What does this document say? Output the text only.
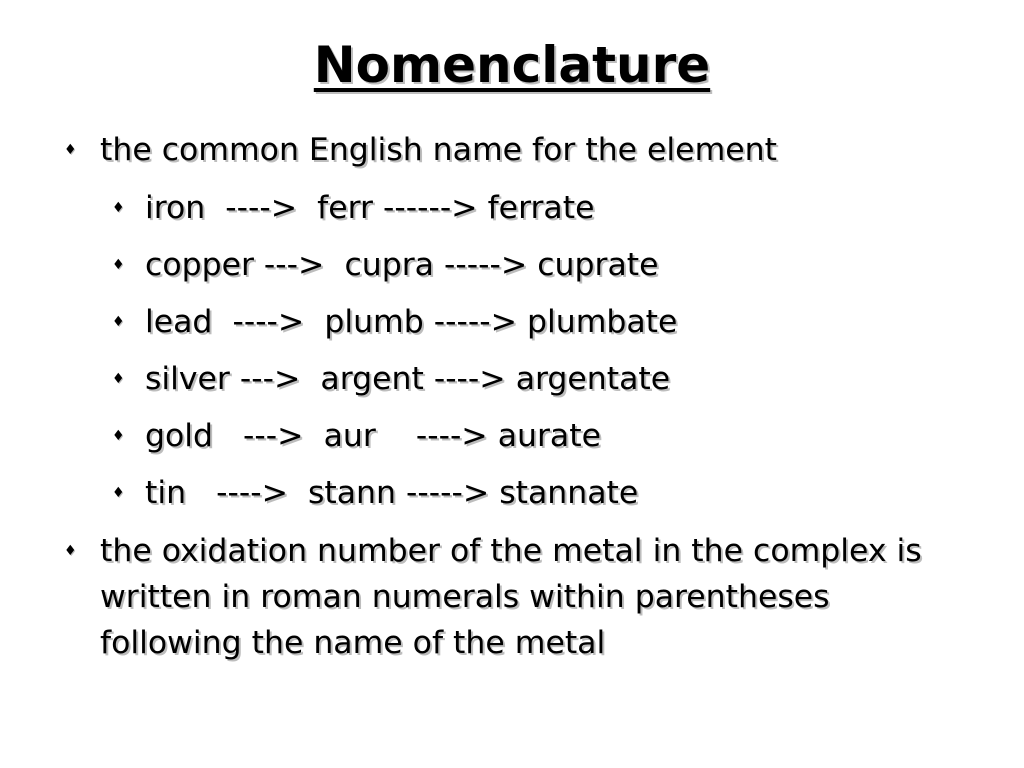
Nomenclature
♦ the common English name for the element
♦ iron  ---->  ferr ------> ferrate
♦ copper --->  cupra -----> cuprate
♦ lead  ---->  plumb -----> plumbate
♦ silver --->  argent ----> argentate
♦ gold   --->  aur    ----> aurate
♦ tin   ---->  stann -----> stannate
♦ the oxidation number of the metal in the complex is written in roman numerals within parentheses following the name of the metal
